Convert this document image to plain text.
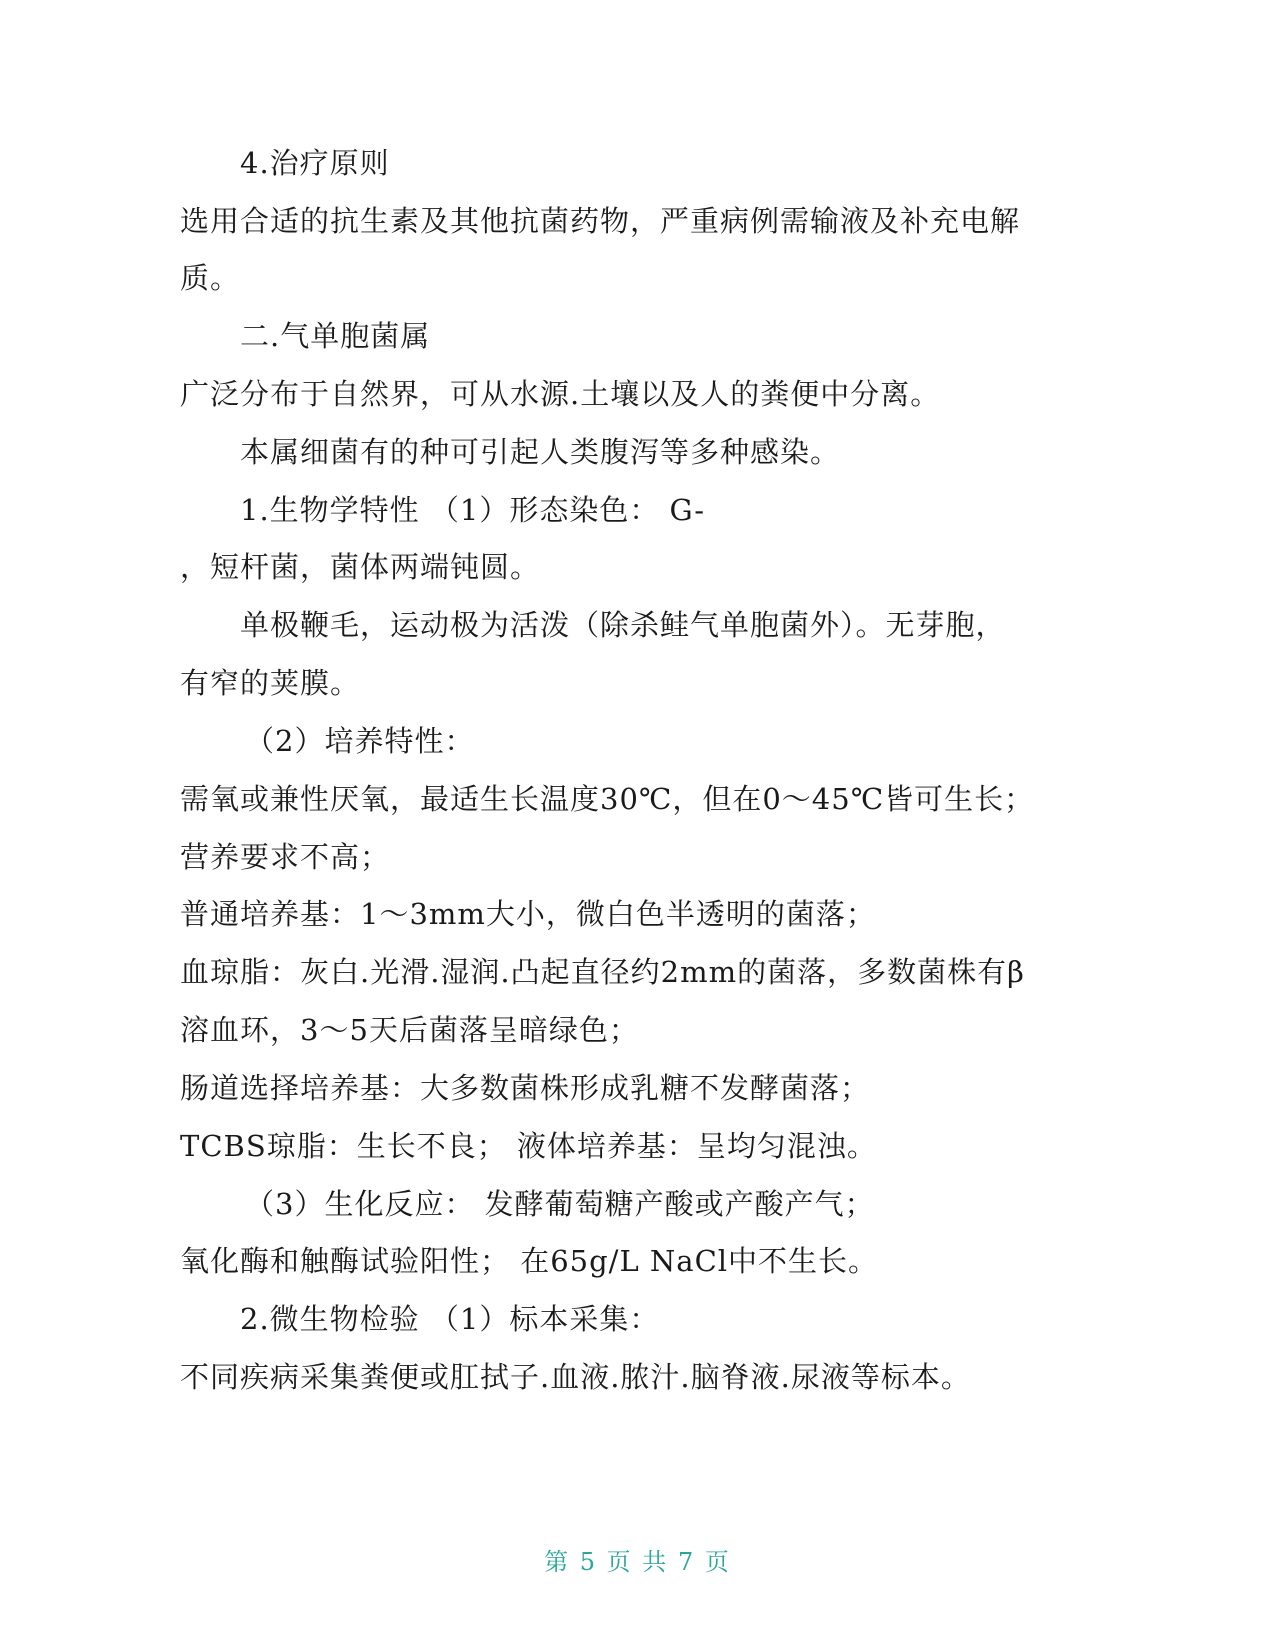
4.治疗原则
选用合适的抗生素及其他抗菌药物，严重病例需输液及补充电解
质。
二.气单胞菌属
广泛分布于自然界，可从水源.土壤以及人的粪便中分离。
本属细菌有的种可引起人类腹泻等多种感染。
1.生物学特性 （1）形态染色： G-
，短杆菌，菌体两端钝圆。
单极鞭毛，运动极为活泼（除杀鲑气单胞菌外）。无芽胞，
有窄的荚膜。
（2）培养特性：
需氧或兼性厌氧，最适生长温度30℃，但在0～45℃皆可生长；
营养要求不高；
普通培养基：1～3mm大小，微白色半透明的菌落；
血琼脂：灰白.光滑.湿润.凸起直径约2mm的菌落，多数菌株有β
溶血环，3～5天后菌落呈暗绿色；
肠道选择培养基：大多数菌株形成乳糖不发酵菌落；
TCBS琼脂：生长不良； 液体培养基：呈均匀混浊。
（3）生化反应： 发酵葡萄糖产酸或产酸产气；
氧化酶和触酶试验阳性； 在65g/L NaCl中不生长。
2.微生物检验 （1）标本采集：
不同疾病采集粪便或肛拭子.血液.脓汁.脑脊液.尿液等标本。
第 5 页 共 7 页
